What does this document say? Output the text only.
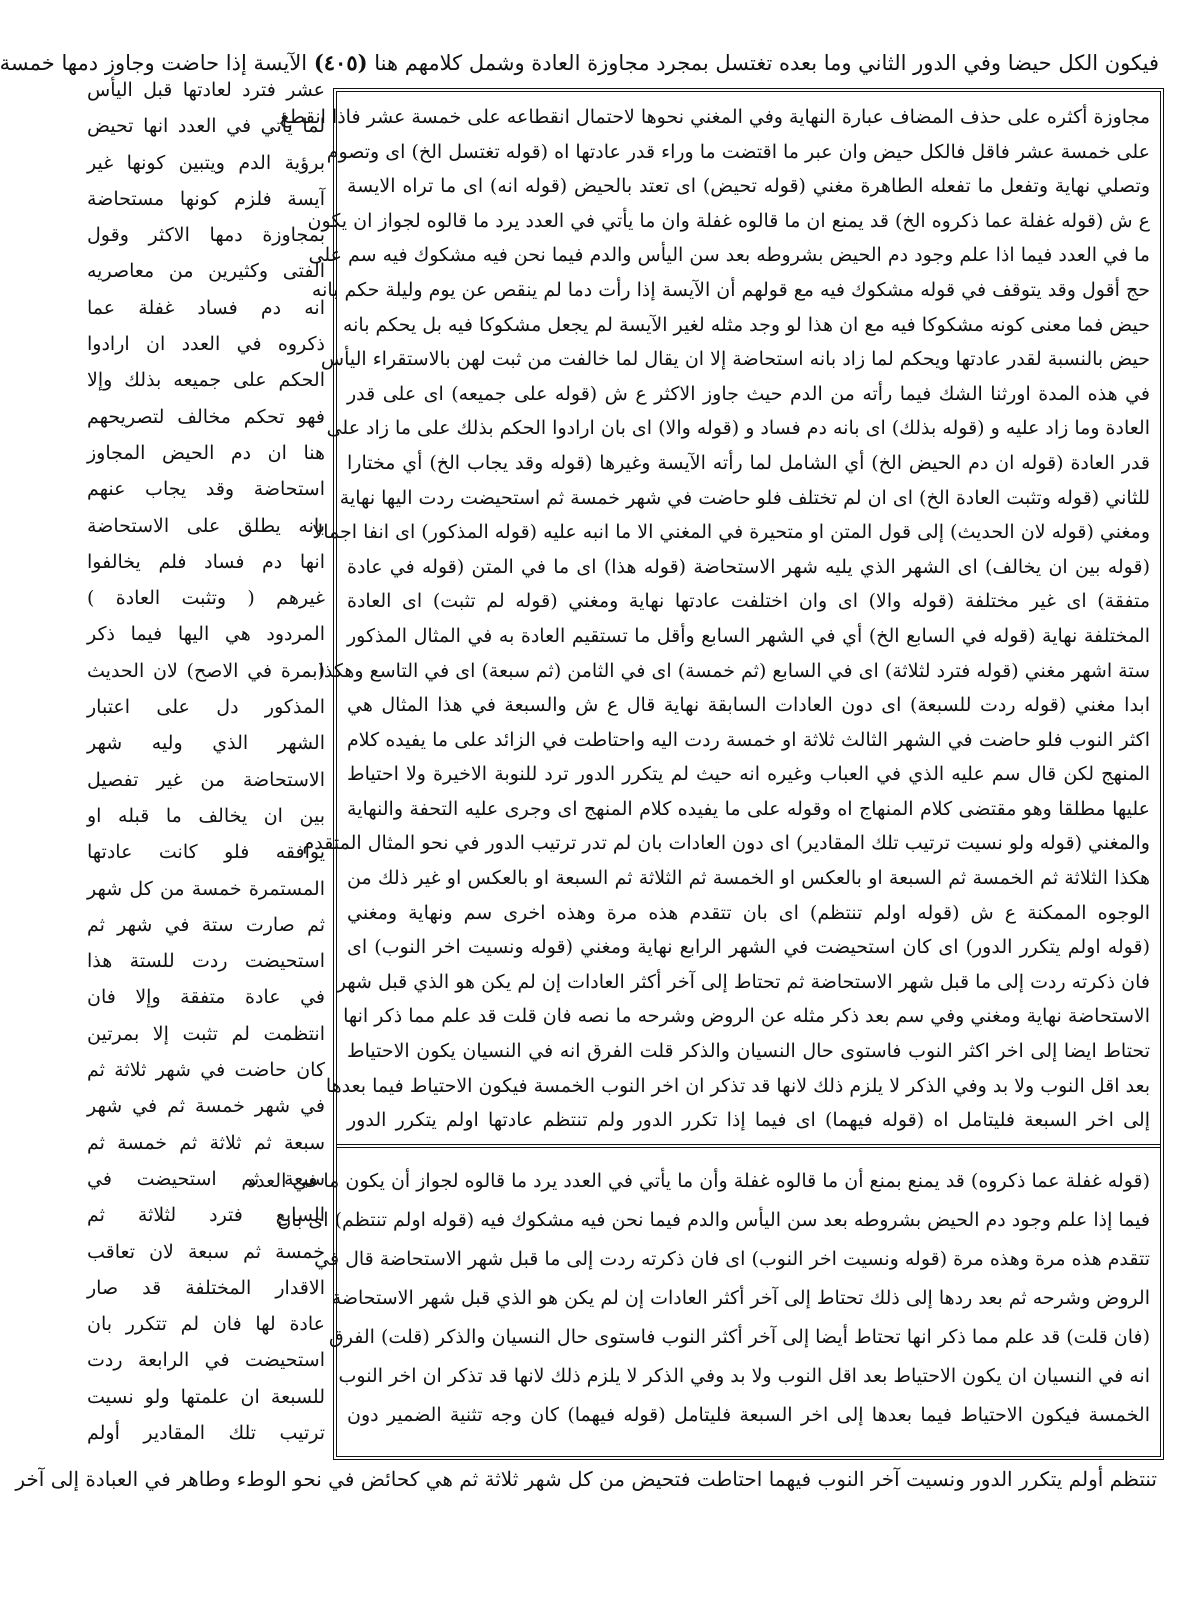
فيكون الكل حيضا وفي الدور الثاني وما بعده تغتسل بمجرد مجاوزة العادة وشمل كلامهم هنا (٤٠٥) الآيسة إذا حاضت وجاوز دمها خمسة
عشر فترد لعادتها قبل اليأس
لما يأتي في العدد انها تحيض
برؤية الدم ويتبين كونها غير
آيسة فلزم كونها مستحاضة
بمجاوزة دمها الاكثر وقول
الفتى وكثيرين من معاصريه
انه دم فساد غفلة عما
ذكروه في العدد ان ارادوا
الحكم على جميعه بذلك وإلا
فهو تحكم مخالف لتصريحهم
هنا ان دم الحيض المجاوز
استحاضة وقد يجاب عنهم
بانه يطلق على الاستحاضة
انها دم فساد فلم يخالفوا
غيرهم ( وتثبت العادة )
المردود هي اليها فيما ذكر
(بمرة في الاصح) لان الحديث
المذكور دل على اعتبار
الشهر الذي وليه شهر
الاستحاضة من غير تفصيل
بين ان يخالف ما قبله او
يوافقه فلو كانت عادتها
المستمرة خمسة من كل شهر
ثم صارت ستة في شهر ثم
استحيضت ردت للستة هذا
في عادة متفقة وإلا فان
انتظمت لم تثبت إلا بمرتين
كان حاضت في شهر ثلاثة ثم
في شهر خمسة ثم في شهر
سبعة ثم ثلاثة ثم خمسة ثم
سبعة ثم استحيضت في
السابع فترد لثلاثة ثم
خمسة ثم سبعة لان تعاقب
الاقدار المختلفة قد صار
عادة لها فان لم تتكرر بان
استحيضت في الرابعة ردت
للسبعة ان علمتها ولو نسيت
ترتيب تلك المقادير أولم
مجاوزة أكثره على حذف المضاف عبارة النهاية وفي المغني نحوها لاحتمال انقطاعه على خمسة عشر فاذا انقطع
على خمسة عشر فاقل فالكل حيض وان عبر ما اقتضت ما وراء قدر عادتها اه (قوله تغتسل الخ) اى وتصوم
وتصلي نهاية وتفعل ما تفعله الطاهرة مغني (قوله تحيض) اى تعتد بالحيض (قوله انه) اى ما تراه الايسة
ع ش (قوله غفلة عما ذكروه الخ) قد يمنع ان ما قالوه غفلة وان ما يأتي في العدد يرد ما قالوه لجواز ان يكون
ما في العدد فيما اذا علم وجود دم الحيض بشروطه بعد سن اليأس والدم فيما نحن فيه مشكوك فيه سم على
حج أقول وقد يتوقف في قوله مشكوك فيه مع قولهم أن الآيسة إذا رأت دما لم ينقص عن يوم وليلة حكم بانه
حيض فما معنى كونه مشكوكا فيه مع ان هذا لو وجد مثله لغير الآيسة لم يجعل مشكوكا فيه بل يحكم بانه
حيض بالنسبة لقدر عادتها ويحكم لما زاد بانه استحاضة إلا ان يقال لما خالفت من ثبت لهن بالاستقراء اليأس
في هذه المدة اورثنا الشك فيما رأته من الدم حيث جاوز الاكثر ع ش (قوله على جميعه) اى على قدر
العادة وما زاد عليه و (قوله بذلك) اى بانه دم فساد و (قوله والا) اى بان ارادوا الحكم بذلك على ما زاد على
قدر العادة (قوله ان دم الحيض الخ) أي الشامل لما رأته الآيسة وغيرها (قوله وقد يجاب الخ) أي مختارا
للثاني (قوله وتثبت العادة الخ) اى ان لم تختلف فلو حاضت في شهر خمسة ثم استحيضت ردت اليها نهاية
ومغني (قوله لان الحديث) إلى قول المتن او متحيرة في المغني الا ما انبه عليه (قوله المذكور) اى انفا اجمالا
(قوله بين ان يخالف) اى الشهر الذي يليه شهر الاستحاضة (قوله هذا) اى ما في المتن (قوله في عادة
متفقة) اى غير مختلفة (قوله والا) اى وان اختلفت عادتها نهاية ومغني (قوله لم تثبت) اى العادة
المختلفة نهاية (قوله في السابع الخ) أي في الشهر السابع وأقل ما تستقيم العادة به في المثال المذكور
ستة اشهر مغني (قوله فترد لثلاثة) اى في السابع (ثم خمسة) اى في الثامن (ثم سبعة) اى في التاسع وهكذا
ابدا مغني (قوله ردت للسبعة) اى دون العادات السابقة نهاية قال ع ش والسبعة في هذا المثال هي
اكثر النوب فلو حاضت في الشهر الثالث ثلاثة او خمسة ردت اليه واحتاطت في الزائد على ما يفيده كلام
المنهج لكن قال سم عليه الذي في العباب وغيره انه حيث لم يتكرر الدور ترد للنوبة الاخيرة ولا احتياط
عليها مطلقا وهو مقتضى كلام المنهاج اه وقوله على ما يفيده كلام المنهج اى وجرى عليه التحفة والنهاية
والمغني (قوله ولو نسيت ترتيب تلك المقادير) اى دون العادات بان لم تدر ترتيب الدور في نحو المثال المتقدم
هكذا الثلاثة ثم الخمسة ثم السبعة او بالعكس او الخمسة ثم الثلاثة ثم السبعة او بالعكس او غير ذلك من
الوجوه الممكنة ع ش (قوله اولم تنتظم) اى بان تتقدم هذه مرة وهذه اخرى سم ونهاية ومغني
(قوله اولم يتكرر الدور) اى كان استحيضت في الشهر الرابع نهاية ومغني (قوله ونسيت اخر النوب) اى
فان ذكرته ردت إلى ما قبل شهر الاستحاضة ثم تحتاط إلى آخر أكثر العادات إن لم يكن هو الذي قبل شهر
الاستحاضة نهاية ومغني وفي سم بعد ذكر مثله عن الروض وشرحه ما نصه فان قلت قد علم مما ذكر انها
تحتاط ايضا إلى اخر اكثر النوب فاستوى حال النسيان والذكر قلت الفرق انه في النسيان يكون الاحتياط
بعد اقل النوب ولا بد وفي الذكر لا يلزم ذلك لانها قد تذكر ان اخر النوب الخمسة فيكون الاحتياط فيما بعدها
إلى اخر السبعة فليتامل اه (قوله فيهما) اى فيما إذا تكرر الدور ولم تنتظم عادتها اولم يتكرر الدور
(قوله غفلة عما ذكروه) قد يمنع بمنع أن ما قالوه غفلة وأن ما يأتي في العدد يرد ما قالوه لجواز أن يكون ما في العدد
فيما إذا علم وجود دم الحيض بشروطه بعد سن اليأس والدم فيما نحن فيه مشكوك فيه (قوله اولم تنتظم) اى بان
تتقدم هذه مرة وهذه مرة (قوله ونسيت اخر النوب) اى فان ذكرته ردت إلى ما قبل شهر الاستحاضة قال في
الروض وشرحه ثم بعد ردها إلى ذلك تحتاط إلى آخر أكثر العادات إن لم يكن هو الذي قبل شهر الاستحاضة
(فان قلت) قد علم مما ذكر انها تحتاط أيضا إلى آخر أكثر النوب فاستوى حال النسيان والذكر (قلت) الفرق
انه في النسيان ان يكون الاحتياط بعد اقل النوب ولا بد وفي الذكر لا يلزم ذلك لانها قد تذكر ان اخر النوب
الخمسة فيكون الاحتياط فيما بعدها إلى اخر السبعة فليتامل (قوله فيهما) كان وجه تثنية الضمير دون
تنتظم أولم يتكرر الدور ونسيت آخر النوب فيهما احتاطت فتحيض من كل شهر ثلاثة ثم هي كحائض في نحو الوطء وطاهر في العبادة إلى آخر
